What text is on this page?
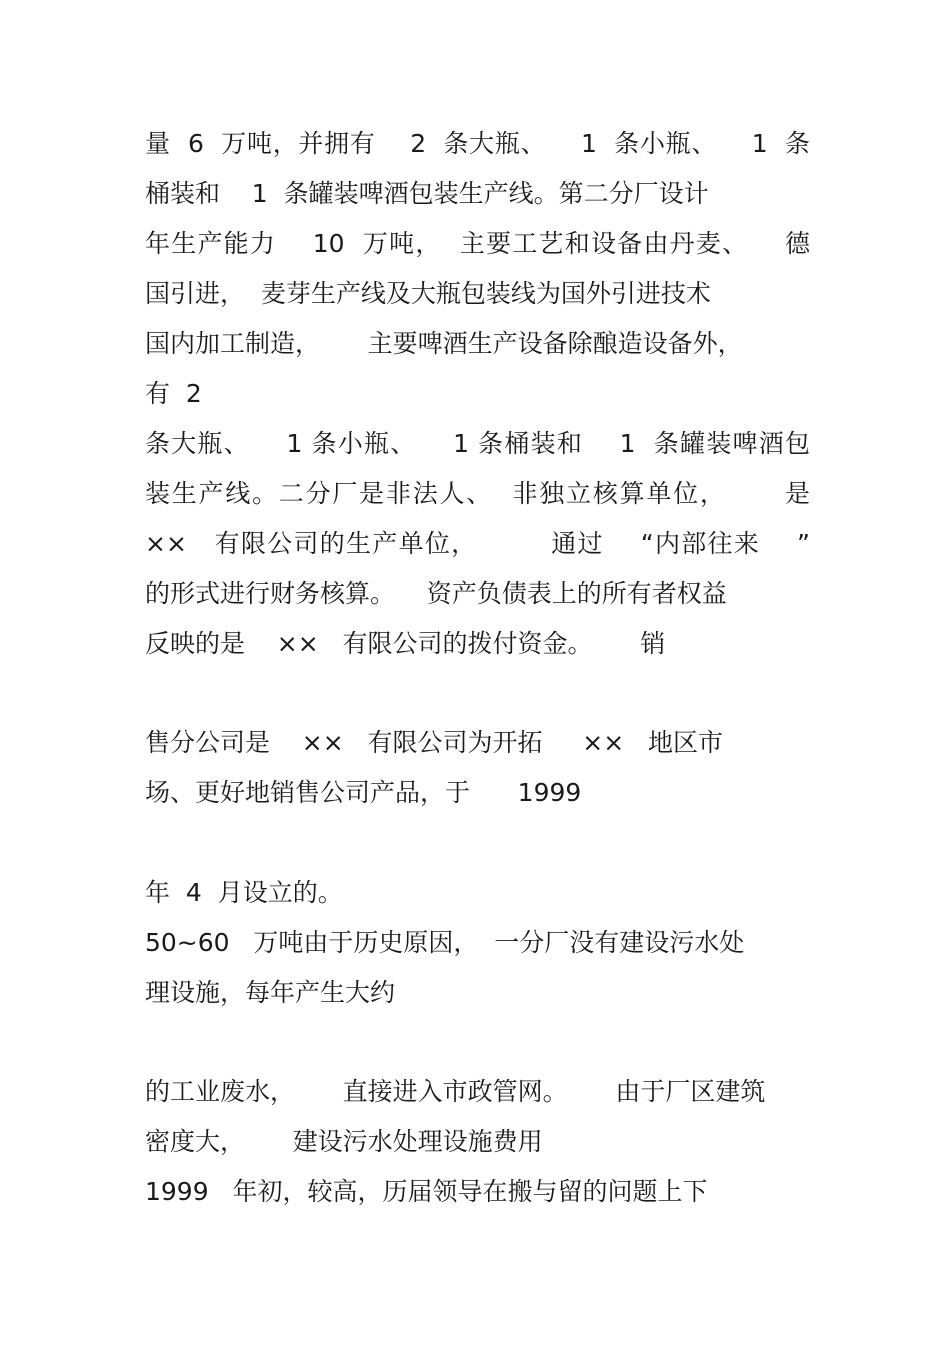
量  6  万吨，并拥有    2  条大瓶、    1  条小瓶、    1  条
桶装和    1  条罐装啤酒包装生产线。第二分厂设计
年生产能力    10  万吨，  主要工艺和设备由丹麦、    德
国引进，  麦芽生产线及大瓶包装线为国外引进技术
国内加工制造，      主要啤酒生产设备除酿造设备外，
有  2
条大瓶、    1 条小瓶、    1 条桶装和    1  条罐装啤酒包
装生产线。二分厂是非法人、  非独立核算单位，      是
××   有限公司的生产单位，        通过    “内部往来    ”
的形式进行财务核算。    资产负债表上的所有者权益
反映的是    ××   有限公司的拨付资金。      销
售分公司是    ××   有限公司为开拓     ××   地区市
场、更好地销售公司产品，于      1999
年  4  月设立的。
50~60   万吨由于历史原因，  一分厂没有建设污水处
理设施，每年产生大约
的工业废水，      直接进入市政管网。      由于厂区建筑
密度大，      建设污水处理设施费用
1999   年初，较高，历届领导在搬与留的问题上下
